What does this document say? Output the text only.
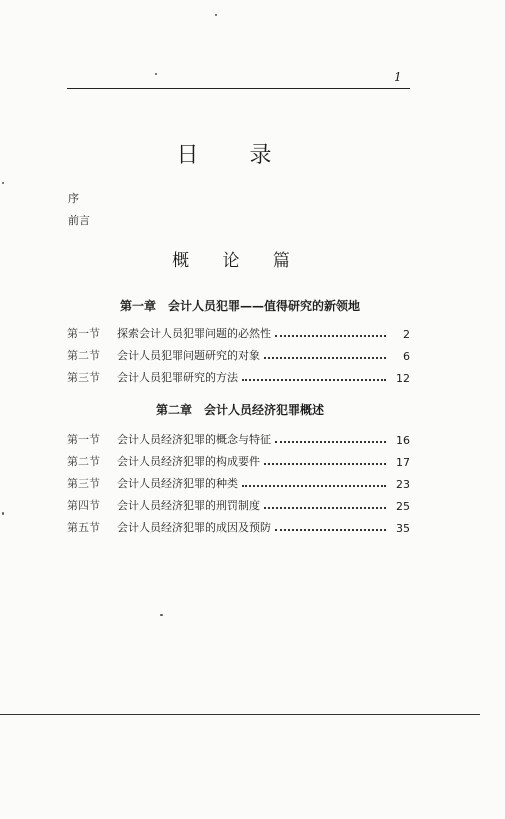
1
日 录
序
前言
概 论 篇
第一章　会计人员犯罪——值得研究的新领地
第一节	探索会计人员犯罪问题的必然性	2
第二节	会计人员犯罪问题研究的对象	6
第三节	会计人员犯罪研究的方法	12
第二章　会计人员经济犯罪概述
第一节	会计人员经济犯罪的概念与特征	16
第二节	会计人员经济犯罪的构成要件	17
第三节	会计人员经济犯罪的种类	23
第四节	会计人员经济犯罪的刑罚制度	25
第五节	会计人员经济犯罪的成因及预防	35
